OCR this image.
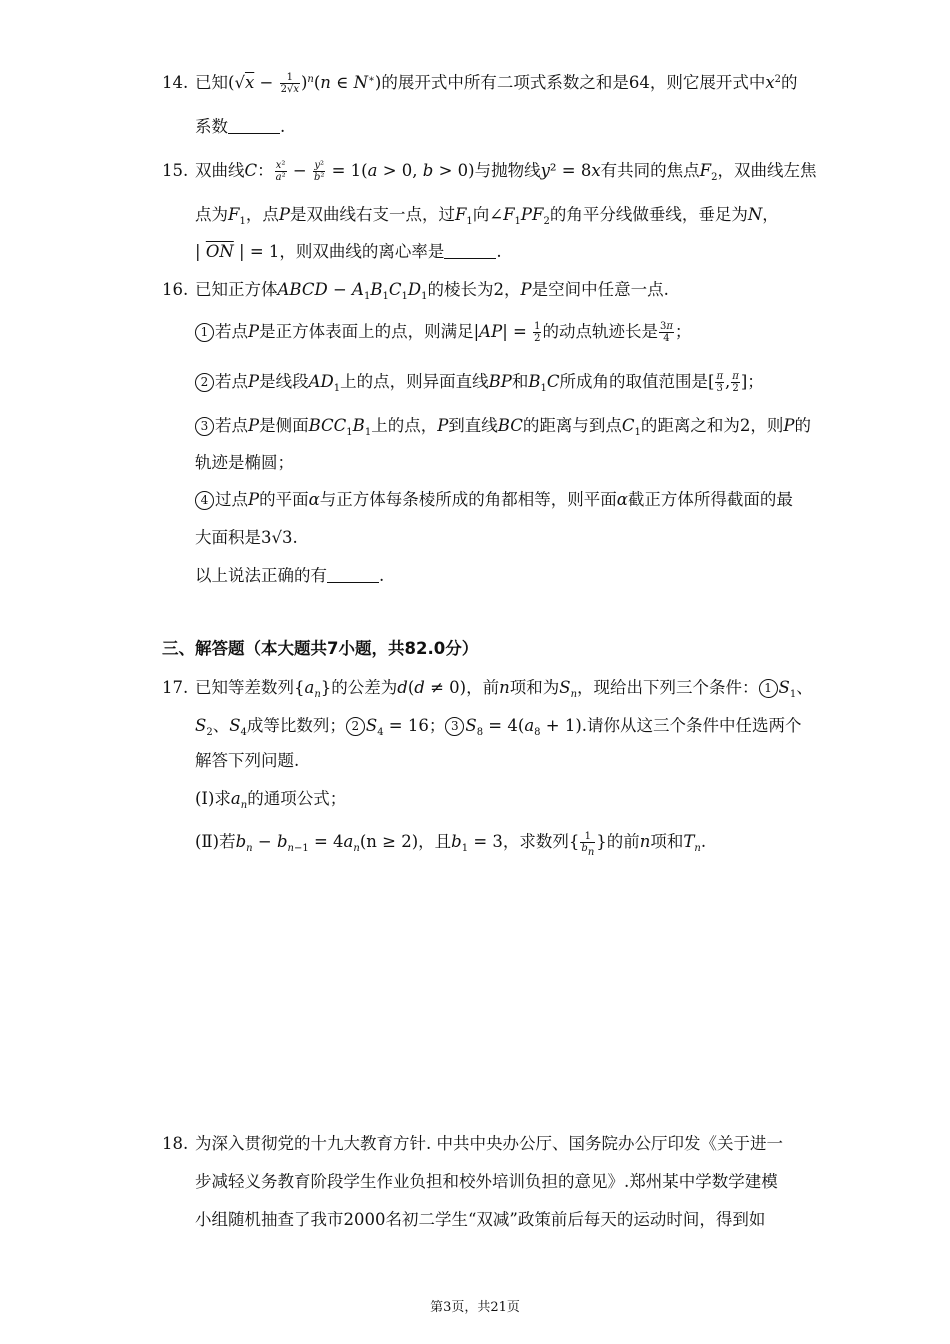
14. 已知$(√x - \frac{1}{2√x} )^n(n$ ∈ N∗)的展开式中所有二项式系数之和是64，则它展开式中$x^2$的
系数	.
15. 双曲线C： $\frac{\text{x²}}{\text{a²}} - \frac{\text{y²}}{\text{b²}} = 1(a > 0$, b > 0)与抛物线y² = 8x有共同的焦点$F_2$，双曲线左焦
点为$F_1$，点P是双曲线右支一点，过$F_1$向$\angle F_1PF_2$的角平分线做垂线，垂足为N，
| $\overline{ON}$ | = 1，则双曲线的离心率是	.
16. 已知正方体ABCD − $A_1B_1C_1D_1$的棱长为2，P是空间中任意一点.
1 若点P是正方体表面上的点，则满足$|AP| = \frac{1}{2}$ 的动点轨迹长是 $\frac{3\pi}{4}$ ；
2 若点P是线段$AD_1$上的点，则异面直线BP和$B_1C$所成角的取值范围是[ $\frac{\pi}{3}$ , $\frac{\pi}{2}$ ]；
3 若点P是侧面$BCC_1B_1$上的点，P到直线BC的距离与到点$C_1$的距离之和为2，则P的
轨迹是椭圆；
4 过点P的平面α与正方体每条棱所成的角都相等，则平面α截正方体所得截面的最
大面积是3√3.
以上说法正确的有	.
三、解答题（本大题共7小题，共82.0分）
17. 已知等差数列$\{a_n\}$的公差为d(d ≠ 0)，前n项和为$S_n$，现给出下列三个条件： 1 $S_1$、
$S_2$、$S_4$成等比数列； 2 $S_4 = 16$； 3 $S_8 = 4(a_8 + 1)$.请你从这三个条件中任选两个
解答下列问题.
(Ⅰ)求$a_n$的通项公式；
(Ⅱ)若$b_n - b_{n-1} = 4a_n(n \ge 2)$，且$b_1 = 3$，求数列{ $\frac{1}{b_n}$ }的前n项和$T_n$.
18. 为深入贯彻党的十九大教育方针. 中共中央办公厅、国务院办公厅印发《关于进一
步减轻义务教育阶段学生作业负担和校外培训负担的意见》.郑州某中学数学建模
小组随机抽查了我市2000名初二学生“双减”政策前后每天的运动时间，得到如
第3页，共21页
